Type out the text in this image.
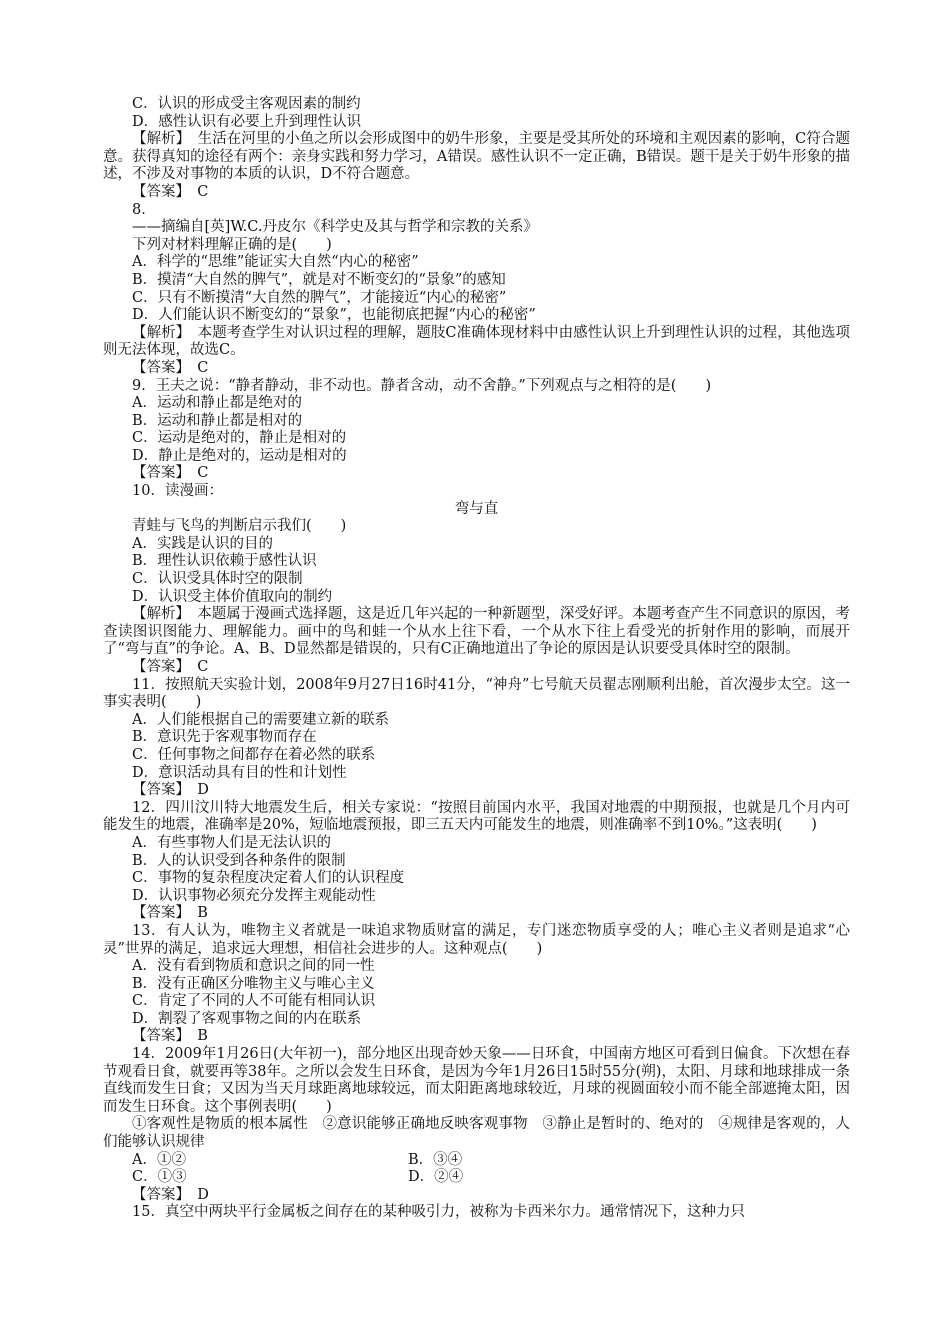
C．认识的形成受主客观因素的制约

D．感性认识有必要上升到理性认识

【解析】　生活在河里的小鱼之所以会形成图中的奶牛形象，主要是受其所处的环境和主观因素的影响，C符合题意。获得真知的途径有两个：亲身实践和努力学习，A错误。感性认识不一定正确，B错误。题干是关于奶牛形象的描述，不涉及对事物的本质的认识，D不符合题意。

【答案】　C

8．

——摘编自[英]W.C.丹皮尔《科学史及其与哲学和宗教的关系》

下列对材料理解正确的是(　　)

A．科学的“思维”能证实大自然“内心的秘密”

B．摸清“大自然的脾气”，就是对不断变幻的“景象”的感知

C．只有不断摸清“大自然的脾气”，才能接近“内心的秘密”

D．人们能认识不断变幻的“景象”，也能彻底把握“内心的秘密”

【解析】　本题考查学生对认识过程的理解，题肢C准确体现材料中由感性认识上升到理性认识的过程，其他选项则无法体现，故选C。

【答案】　C

9．王夫之说：“静者静动，非不动也。静者含动，动不舍静。”下列观点与之相符的是(　　)

A．运动和静止都是绝对的

B．运动和静止都是相对的

C．运动是绝对的，静止是相对的

D．静止是绝对的，运动是相对的

【答案】　C

10．读漫画：

弯与直

青蛙与飞鸟的判断启示我们(　　)

A．实践是认识的目的

B．理性认识依赖于感性认识

C．认识受具体时空的限制

D．认识受主体价值取向的制约

【解析】　本题属于漫画式选择题，这是近几年兴起的一种新题型，深受好评。本题考查产生不同意识的原因，考查读图识图能力、理解能力。画中的鸟和蛙一个从水上往下看，一个从水下往上看受光的折射作用的影响，而展开了“弯与直”的争论。A、B、D显然都是错误的，只有C正确地道出了争论的原因是认识要受具体时空的限制。

【答案】　C

11．按照航天实验计划，2008年9月27日16时41分，“神舟”七号航天员翟志刚顺利出舱，首次漫步太空。这一事实表明(　　)

A．人们能根据自己的需要建立新的联系

B．意识先于客观事物而存在

C．任何事物之间都存在着必然的联系

D．意识活动具有目的性和计划性

【答案】　D

12．四川汶川特大地震发生后，相关专家说：“按照目前国内水平，我国对地震的中期预报，也就是几个月内可能发生的地震，准确率是20%，短临地震预报，即三五天内可能发生的地震，则准确率不到10%。”这表明(　　)

A．有些事物人们是无法认识的

B．人的认识受到各种条件的限制

C．事物的复杂程度决定着人们的认识程度

D．认识事物必须充分发挥主观能动性

【答案】　B

13．有人认为，唯物主义者就是一味追求物质财富的满足，专门迷恋物质享受的人；唯心主义者则是追求“心灵”世界的满足，追求远大理想，相信社会进步的人。这种观点(　　)

A．没有看到物质和意识之间的同一性

B．没有正确区分唯物主义与唯心主义

C．肯定了不同的人不可能有相同认识

D．割裂了客观事物之间的内在联系

【答案】　B

14．2009年1月26日(大年初一)，部分地区出现奇妙天象——日环食，中国南方地区可看到日偏食。下次想在春节观看日食，就要再等38年。之所以会发生日环食，是因为今年1月26日15时55分(朔)，太阳、月球和地球排成一条直线而发生日食；又因为当天月球距离地球较远，而太阳距离地球较近，月球的视圆面较小而不能全部遮掩太阳，因而发生日环食。这个事例表明(　　)

①客观性是物质的根本属性　②意识能够正确地反映客观事物　③静止是暂时的、绝对的　④规律是客观的，人们能够认识规律

A．①②	B．③④
C．①③	D．②④

【答案】　D

15．真空中两块平行金属板之间存在的某种吸引力，被称为卡西米尔力。通常情况下，这种力只
